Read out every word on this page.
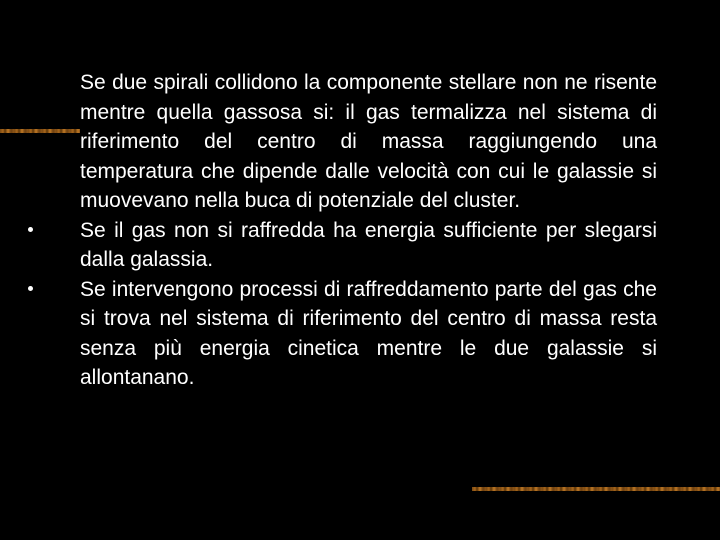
Se due spirali collidono la componente stellare non ne risente mentre quella gassosa si: il gas termalizza nel sistema di riferimento del centro di massa raggiungendo una temperatura che dipende dalle velocità con cui le galassie si muovevano nella buca di potenziale del cluster.

Se il gas non si raffredda ha energia sufficiente per slegarsi dalla galassia.

Se intervengono processi di raffreddamento parte del gas che si trova nel sistema di riferimento del centro di massa resta senza più energia cinetica mentre le due galassie si allontanano.
